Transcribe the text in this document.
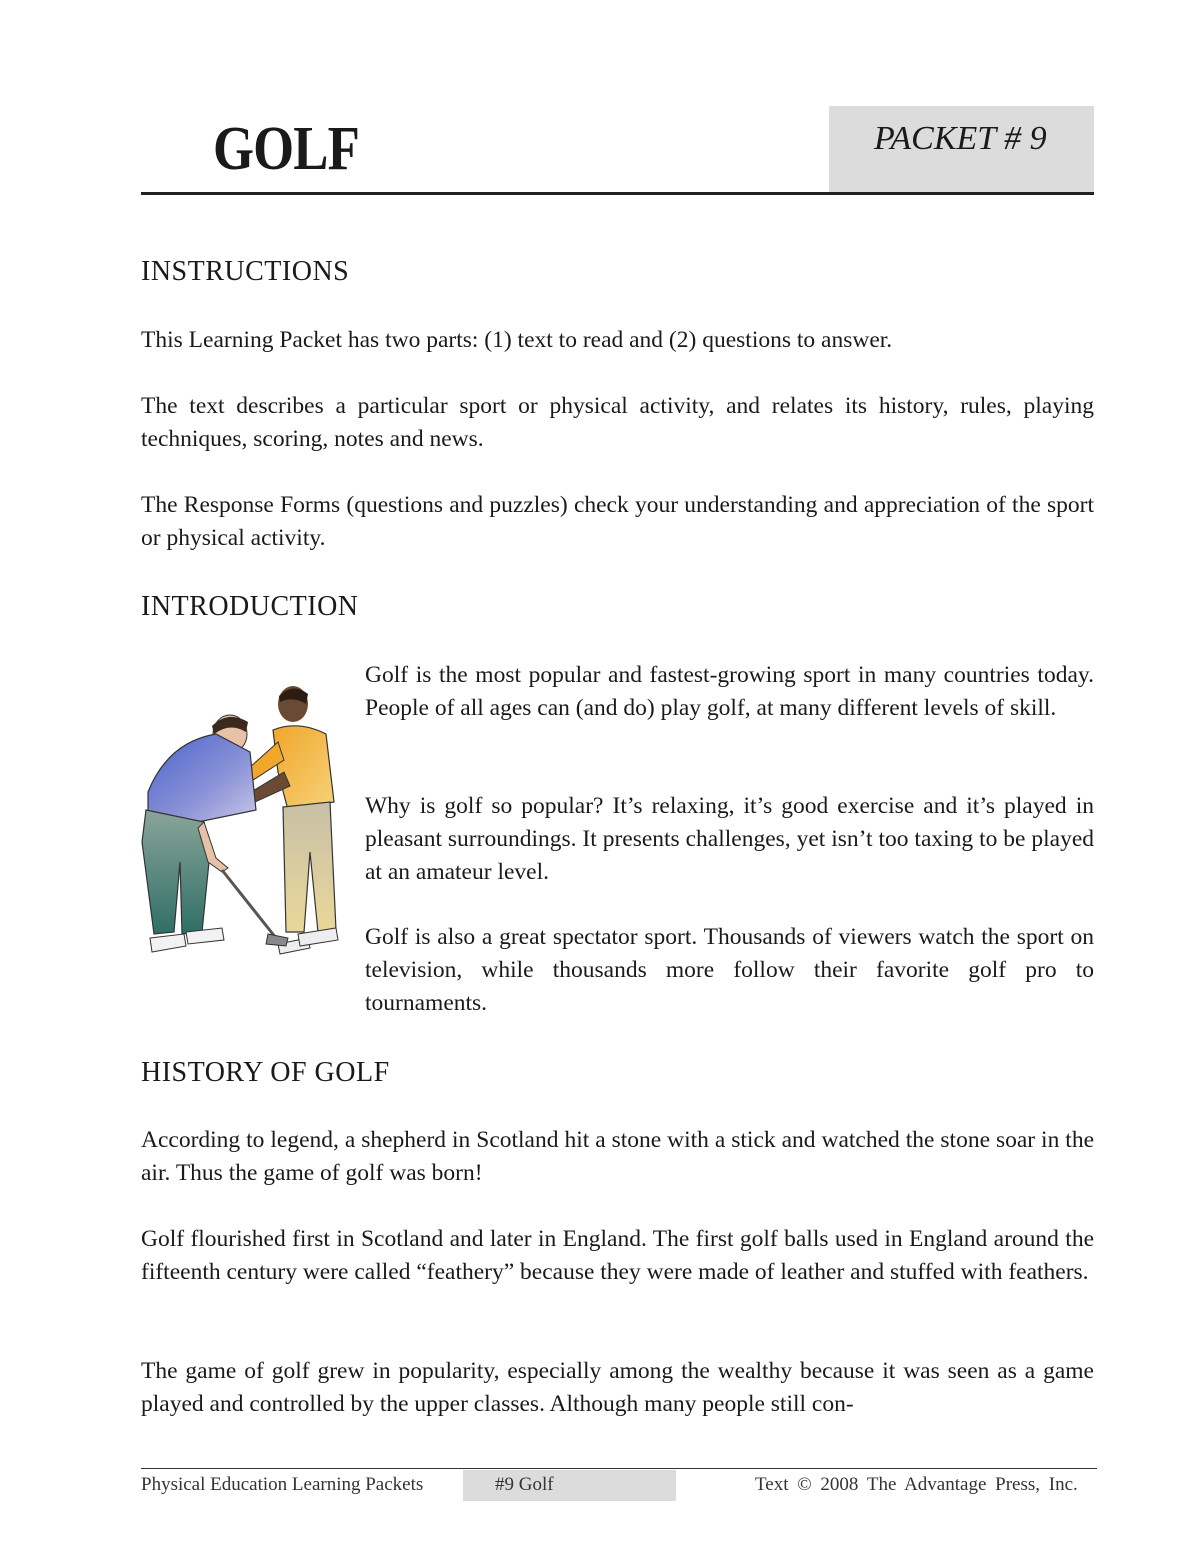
GOLF	PACKET # 9
INSTRUCTIONS

This Learning Packet has two parts: (1) text to read and (2) questions to answer.

The text describes a particular sport or physical activity, and relates its history, rules, playing techniques, scoring, notes and news.

The Response Forms (questions and puzzles) check your understanding and appreciation of the sport or physical activity.

INTRODUCTION

Golf is the most popular and fastest-growing sport in many countries today. People of all ages can (and do) play golf, at many different levels of skill.

Why is golf so popular? It’s relaxing, it’s good exercise and it’s played in pleasant surroundings. It presents challenges, yet isn’t too taxing to be played at an amateur level.

Golf is also a great spectator sport. Thousands of viewers watch the sport on television, while thousands more follow their favorite golf pro to tournaments.

HISTORY OF GOLF

According to legend, a shepherd in Scotland hit a stone with a stick and watched the stone soar in the air. Thus the game of golf was born!

Golf flourished first in Scotland and later in England. The first golf balls used in England around the fifteenth century were called “feathery” because they were made of leather and stuffed with feathers.

The game of golf grew in popularity, especially among the wealthy because it was seen as a game played and controlled by the upper classes. Although many people still con-

Physical Education Learning Packets	#9 Golf	Text © 2008 The Advantage Press, Inc.
